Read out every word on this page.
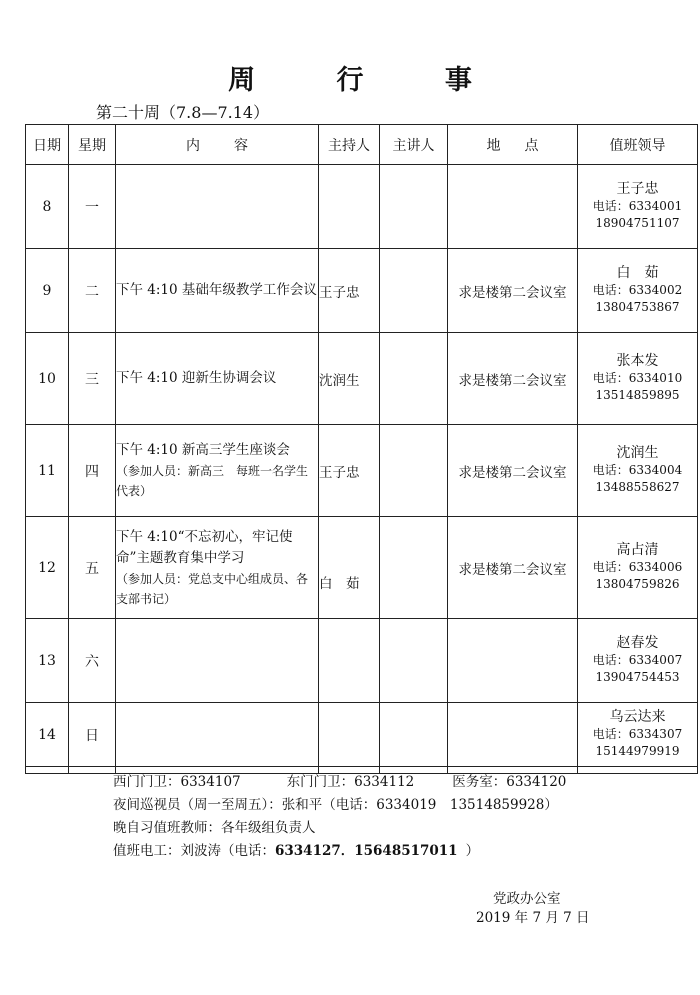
周 行 事
第二十周（7.8—7.14）
日期	星期	内容	主持人	主讲人	地点	值班领导
8	一					王子忠
电话：6334001
18904751107

9	二	下午 4:10 基础年级教学工作会议	王子忠		求是楼第二会议室	白　茹
电话：6334002
13804753867

10	三	下午 4:10 迎新生协调会议	沈润生		求是楼第二会议室	张本发
电话：6334010
13514859895

11	四	下午 4:10 新高三学生座谈会
（参加人员：新高三　每班一名学生代表）	王子忠		求是楼第二会议室	沈润生
电话：6334004
13488558627

12	五	下午 4:10“不忘初心，牢记使命”主题教育集中学习
（参加人员：党总支中心组成员、各支部书记）	白　茹		求是楼第二会议室	高占清
电话：6334006
13804759826

13	六					赵春发
电话：6334007
13904754453

14	日					乌云达来
电话：6334307
15144979919

西门门卫：6334107	东门门卫：6334112	医务室：6334120
夜间巡视员（周一至周五）：张和平（电话：6334019　13514859928）
晚自习值班教师：各年级组负责人
值班电工：刘波涛（电话：6334127．15648517011 ）
党政办公室
2019 年 7 月 7 日
